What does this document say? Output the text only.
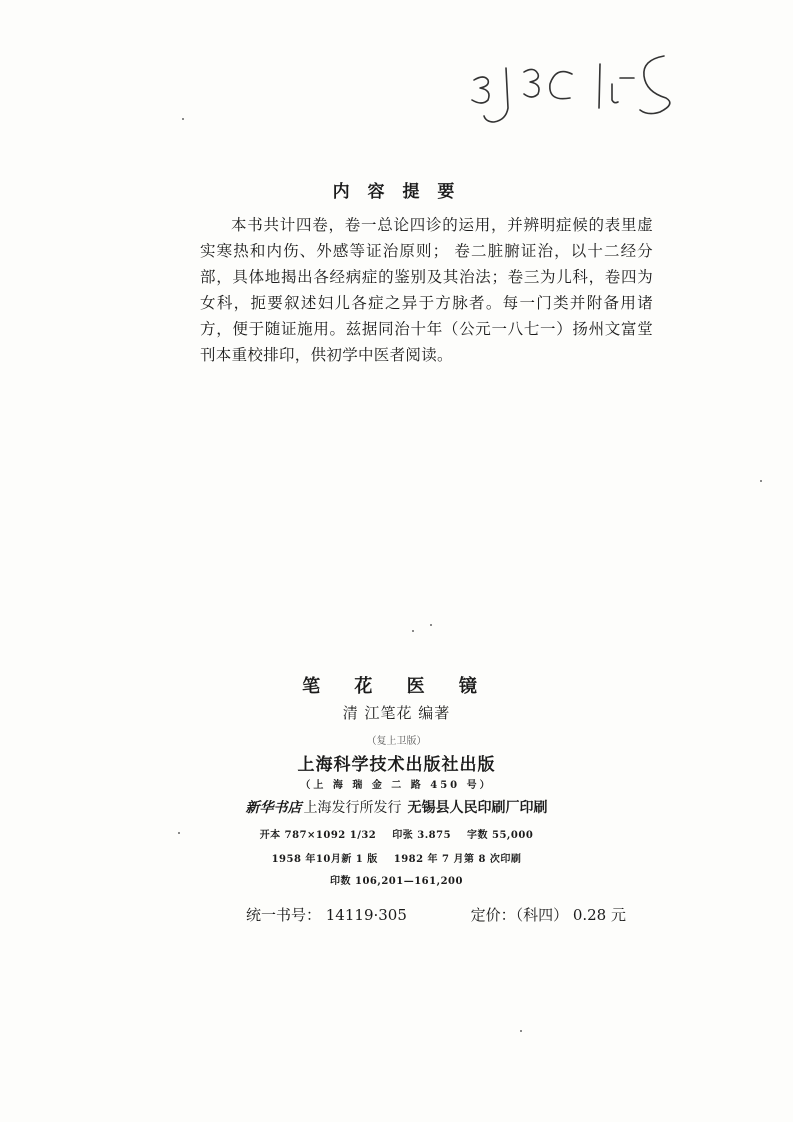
内 容 提 要

本书共计四卷，卷一总论四诊的运用，并辨明症候的表里虚实寒热和内伤、外感等证治原则； 卷二脏腑证治，以十二经分部，具体地揭出各经病症的鉴别及其治法；卷三为儿科，卷四为女科，扼要叙述妇儿各症之异于方脉者。每一门类并附备用诸方，便于随证施用。兹据同治十年（公元一八七一）扬州文富堂刊本重校排印，供初学中医者阅读。

笔 花 医 镜
清 江笔花 编著
（复上卫版）
上海科学技术出版社出版
（上 海 瑞 金 二 路 450 号）
新华书店 上海发行所发行 无锡县人民印刷厂印刷
开本 787×1092 1/32 印张 3.875 字数 55,000
1958 年10月新 1 版 1982 年 7 月第 8 次印刷
印数 106,201—161,200
统一书号： 14119·305	定价：（科四） 0.28 元
